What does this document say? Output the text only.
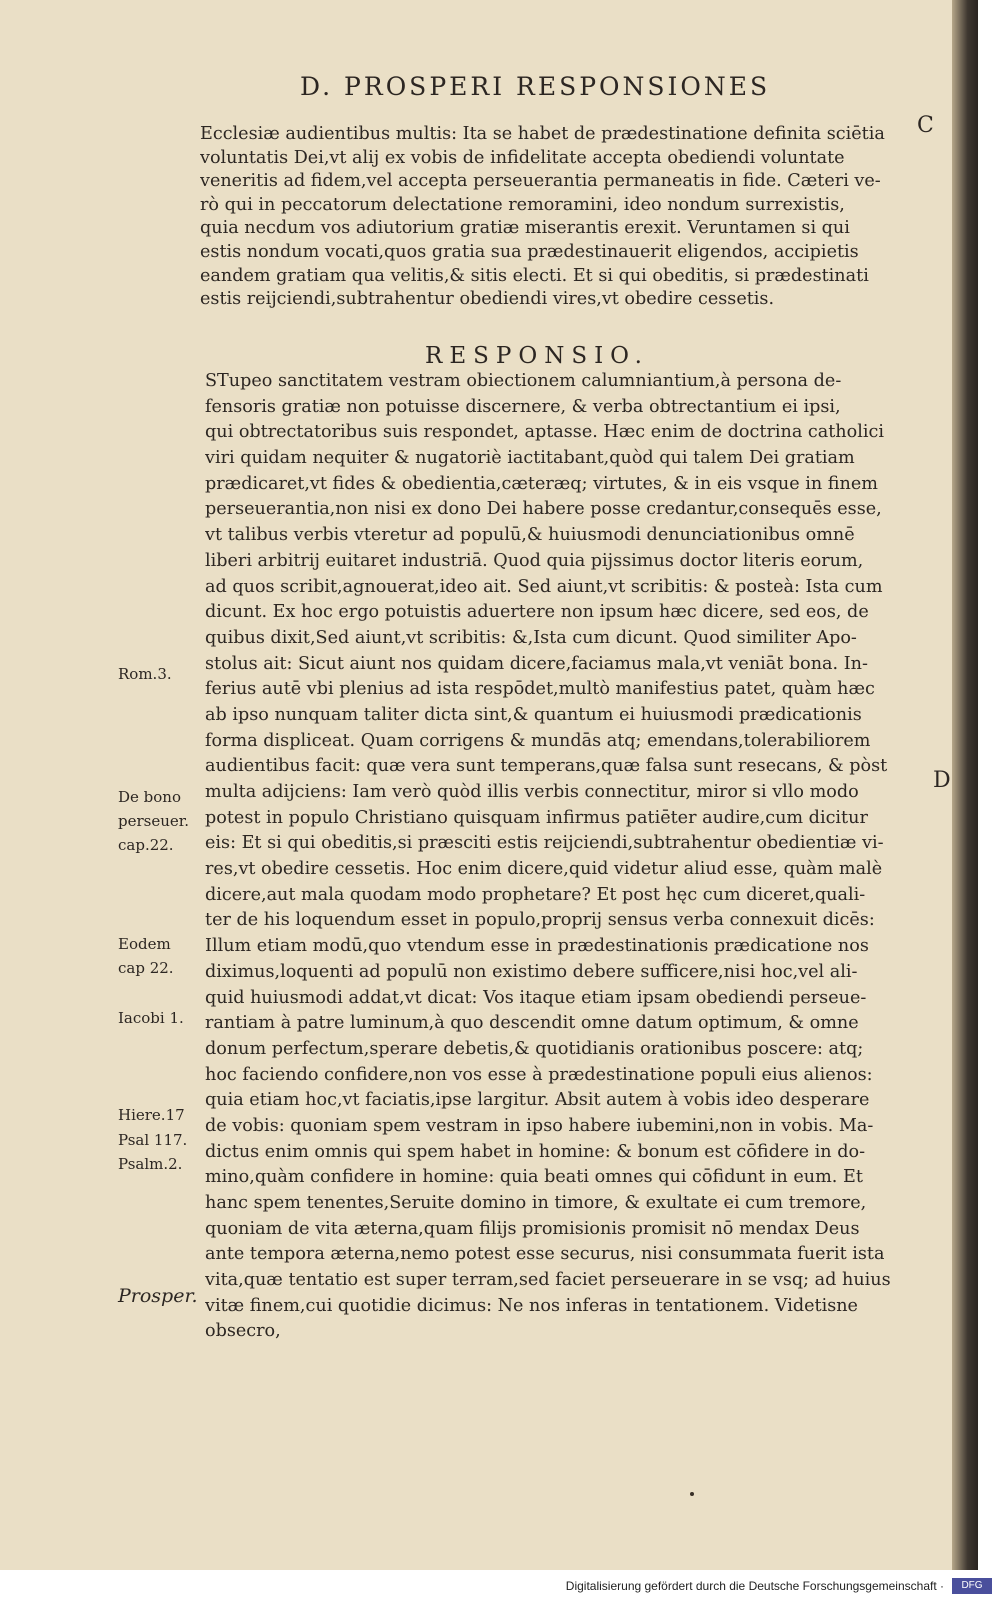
D. PROSPERI RESPONSIONES
C
D
Ecclesiæ audientibus multis: Ita se habet de prædestinatione definita sciētia
voluntatis Dei,vt alij ex vobis de infidelitate accepta obediendi voluntate
veneritis ad fidem,vel accepta perseuerantia permaneatis in fide. Cæteri ve-
rò qui in peccatorum delectatione remoramini, ideo nondum surrexistis,
quia necdum vos adiutorium gratiæ miserantis erexit. Veruntamen si qui
estis nondum vocati,quos gratia sua prædestinauerit eligendos, accipietis
eandem gratiam qua velitis,& sitis electi. Et si qui obeditis, si prædestinati
estis reijciendi,subtrahentur obediendi vires,vt obedire cessetis.
RESPONSIO.
STupeo sanctitatem vestram obiectionem calumniantium,à persona de-
fensoris gratiæ non potuisse discernere, & verba obtrectantium ei ipsi,
qui obtrectatoribus suis respondet, aptasse. Hæc enim de doctrina catholici
viri quidam nequiter & nugatoriè iactitabant,quòd qui talem Dei gratiam
prædicaret,vt fides & obedientia,cæteræq; virtutes, & in eis vsque in finem
perseuerantia,non nisi ex dono Dei habere posse credantur,consequēs esse,
vt talibus verbis vteretur ad populū,& huiusmodi denunciationibus omnē
liberi arbitrij euitaret industriā. Quod quia pijssimus doctor literis eorum,
ad quos scribit,agnouerat,ideo ait. Sed aiunt,vt scribitis: & posteà: Ista cum
dicunt. Ex hoc ergo potuistis aduertere non ipsum hæc dicere, sed eos, de
quibus dixit,Sed aiunt,vt scribitis: &,Ista cum dicunt. Quod similiter Apo-
stolus ait: Sicut aiunt nos quidam dicere,faciamus mala,vt veniāt bona. In-
ferius autē vbi plenius ad ista respōdet,multò manifestius patet, quàm hæc
ab ipso nunquam taliter dicta sint,& quantum ei huiusmodi prædicationis
forma displiceat. Quam corrigens & mundās atq; emendans,tolerabiliorem
audientibus facit: quæ vera sunt temperans,quæ falsa sunt resecans, & pòst
multa adijciens: Iam verò quòd illis verbis connectitur, miror si vllo modo
potest in populo Christiano quisquam infirmus patiēter audire,cum dicitur
eis: Et si qui obeditis,si præsciti estis reijciendi,subtrahentur obedientiæ vi-
res,vt obedire cessetis. Hoc enim dicere,quid videtur aliud esse, quàm malè
dicere,aut mala quodam modo prophetare? Et post hęc cum diceret,quali-
ter de his loquendum esset in populo,proprij sensus verba connexuit dicēs:
Illum etiam modū,quo vtendum esse in prædestinationis prædicatione nos
diximus,loquenti ad populū non existimo debere sufficere,nisi hoc,vel ali-
quid huiusmodi addat,vt dicat: Vos itaque etiam ipsam obediendi perseue-
rantiam à patre luminum,à quo descendit omne datum optimum, & omne
donum perfectum,sperare debetis,& quotidianis orationibus poscere: atq;
hoc faciendo confidere,non vos esse à prædestinatione populi eius alienos:
quia etiam hoc,vt faciatis,ipse largitur. Absit autem à vobis ideo desperare
de vobis: quoniam spem vestram in ipso habere iubemini,non in vobis. Ma-
dictus enim omnis qui spem habet in homine: & bonum est cōfidere in do-
mino,quàm confidere in homine: quia beati omnes qui cōfidunt in eum. Et
hanc spem tenentes,Seruite domino in timore, & exultate ei cum tremore,
quoniam de vita æterna,quam filijs promisionis promisit nō mendax Deus
ante tempora æterna,nemo potest esse securus, nisi consummata fuerit ista
vita,quæ tentatio est super terram,sed faciet perseuerare in se vsq; ad huius
vitæ finem,cui quotidie dicimus: Ne nos inferas in tentationem. Videtisne
obsecro,
Rom.3.
De bono
perseuer.
cap.22.
Eodem
cap 22.
Iacobi 1.
Hiere.17
Psal 117.
Psalm.2.
Prosper.
Digitalisierung gefördert durch die Deutsche Forschungsgemeinschaft ·	DFG
